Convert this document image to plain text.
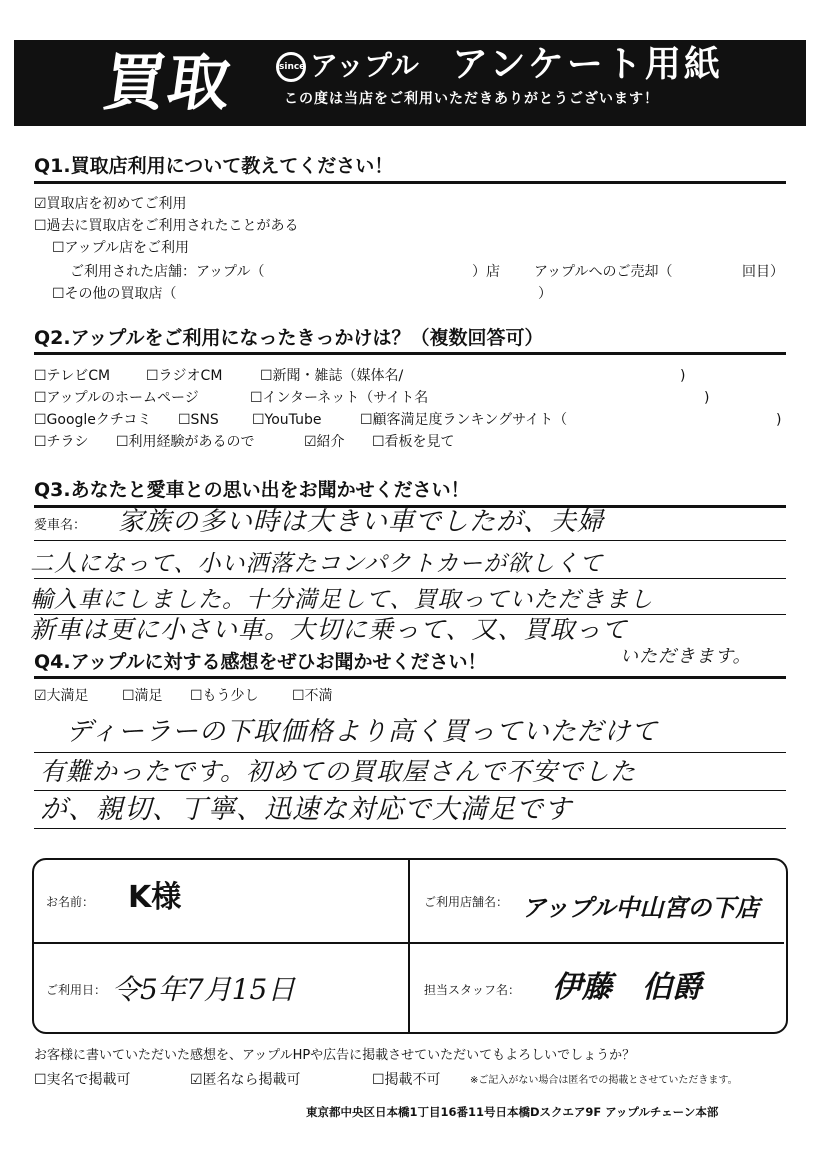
買取	since アップル アンケート用紙
この度は当店をご利用いただきありがとうございます！
Q1.買取店利用について教えてください！
☑買取店を初めてご利用
☐過去に買取店をご利用されたことがある
☐アップル店をご利用
ご利用された店舗：アップル（	）店 アップルへのご売却（	回目）
☐その他の買取店（	）
Q2.アップルをご利用になったきっかけは？（複数回答可）
☐テレビCM	☐ラジオCM	☐新聞・雑誌（媒体名/	)
☐アップルのホームページ	☐インターネット（サイト名	)
☐Googleクチコミ ☐SNS ☐YouTube	☐顧客満足度ランキングサイト（	)
☐チラシ ☐利用経験があるので	☑紹介 ☐看板を見て
Q3.あなたと愛車との思い出をお聞かせください！
愛車名： 家族の多い時は大きい車でしたが、夫婦
二人になって、小い洒落たコンパクトカーが欲しくて
輸入車にしました。十分満足して、買取っていただきまし
新車は更に小さい車。大切に乗って、又、買取って
いただきます。
Q4.アップルに対する感想をぜひお聞かせください！
☑大満足 ☐満足 ☐もう少し ☐不満
ディーラーの下取価格より高く買っていただけて
有難かったです。初めての買取屋さんで不安でした
が、親切、丁寧、迅速な対応で大満足です
お名前： K様	ご利用店舗名： アップル中山宮の下店
ご利用日： 令5年7月15日	担当スタッフ名： 伊藤　伯爵
お客様に書いていただいた感想を、アップルHPや広告に掲載させていただいてもよろしいでしょうか？
☐実名で掲載可	☑匿名なら掲載可	☐掲載不可	※ご記入がない場合は匿名での掲載とさせていただきます。
東京都中央区日本橋1丁目16番11号日本橋Dスクエア9F アップルチェーン本部
